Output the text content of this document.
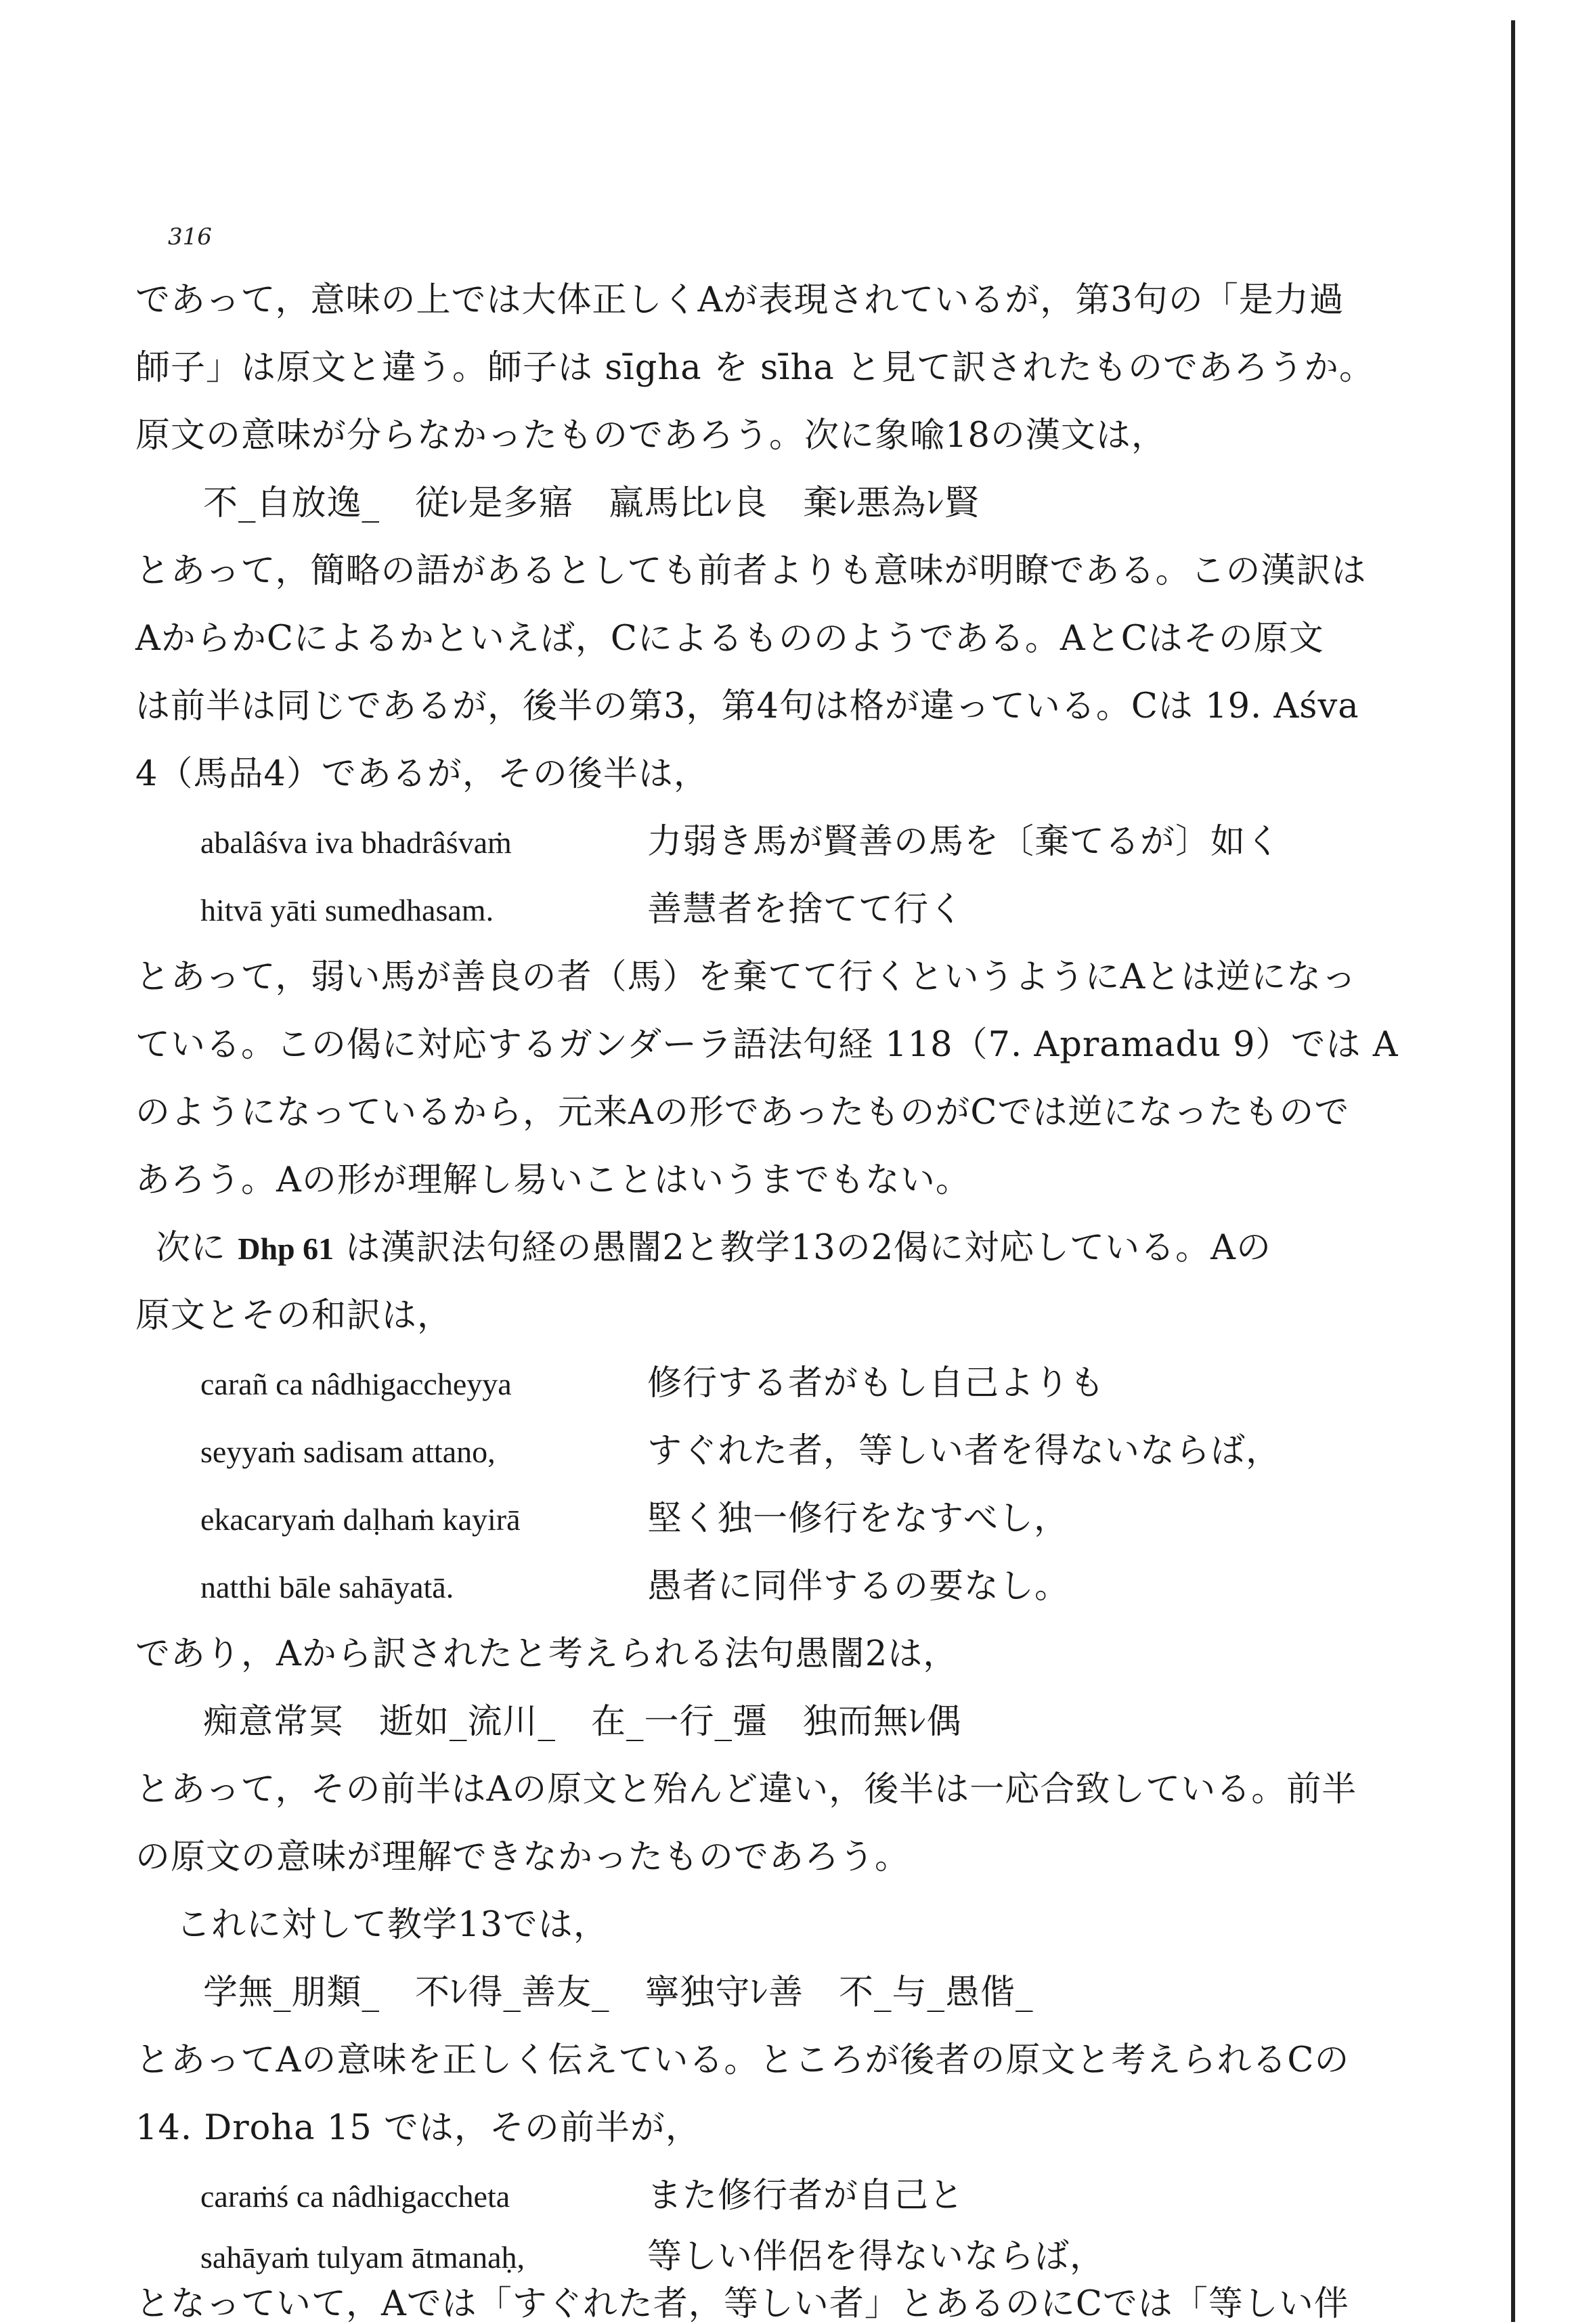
316
であって，意味の上では大体正しくAが表現されているが，第3句の「是力過
師子」は原文と違う。師子は sīgha を sīha と見て訳されたものであろうか。
原文の意味が分らなかったものであろう。次に象喩18の漢文は，
不_自放逸_　従ﾚ是多寤　羸馬比ﾚ良　棄ﾚ悪為ﾚ賢
とあって，簡略の語があるとしても前者よりも意味が明瞭である。この漢訳は
AからかCによるかといえば，Cによるもののようである。AとCはその原文
は前半は同じであるが，後半の第3，第4句は格が違っている。Cは 19. Aśva
4（馬品4）であるが，その後半は，
abalâśva iva bhadrâśvaṁ	力弱き馬が賢善の馬を〔棄てるが〕如く
hitvā yāti sumedhasam.	善慧者を捨てて行く
とあって，弱い馬が善良の者（馬）を棄てて行くというようにAとは逆になっ
ている。この偈に対応するガンダーラ語法句経 118（7. Apramadu 9）では A
のようになっているから，元来Aの形であったものがCでは逆になったもので
あろう。Aの形が理解し易いことはいうまでもない。
次に Dhp 61 は漢訳法句経の愚闇2と教学13の2偈に対応している。Aの
原文とその和訳は，
carañ ca nâdhigaccheyya	修行する者がもし自己よりも
seyyaṁ sadisam attano,	すぐれた者，等しい者を得ないならば，
ekacaryaṁ daḷhaṁ kayirā	堅く独一修行をなすべし，
natthi bāle sahāyatā.	愚者に同伴するの要なし。
であり，Aから訳されたと考えられる法句愚闇2は，
痴意常冥　逝如_流川_　在_一行_彊　独而無ﾚ偶
とあって，その前半はAの原文と殆んど違い，後半は一応合致している。前半
の原文の意味が理解できなかったものであろう。
これに対して教学13では，
学無_朋類_　不ﾚ得_善友_　寧独守ﾚ善　不_与_愚偕_
とあってAの意味を正しく伝えている。ところが後者の原文と考えられるCの
14. Droha 15 では，その前半が，
caraṁś ca nâdhigaccheta	また修行者が自己と
sahāyaṁ tulyam ātmanaḥ,	等しい伴侶を得ないならば，
となっていて，Aでは「すぐれた者，等しい者」とあるのにCでは「等しい伴
